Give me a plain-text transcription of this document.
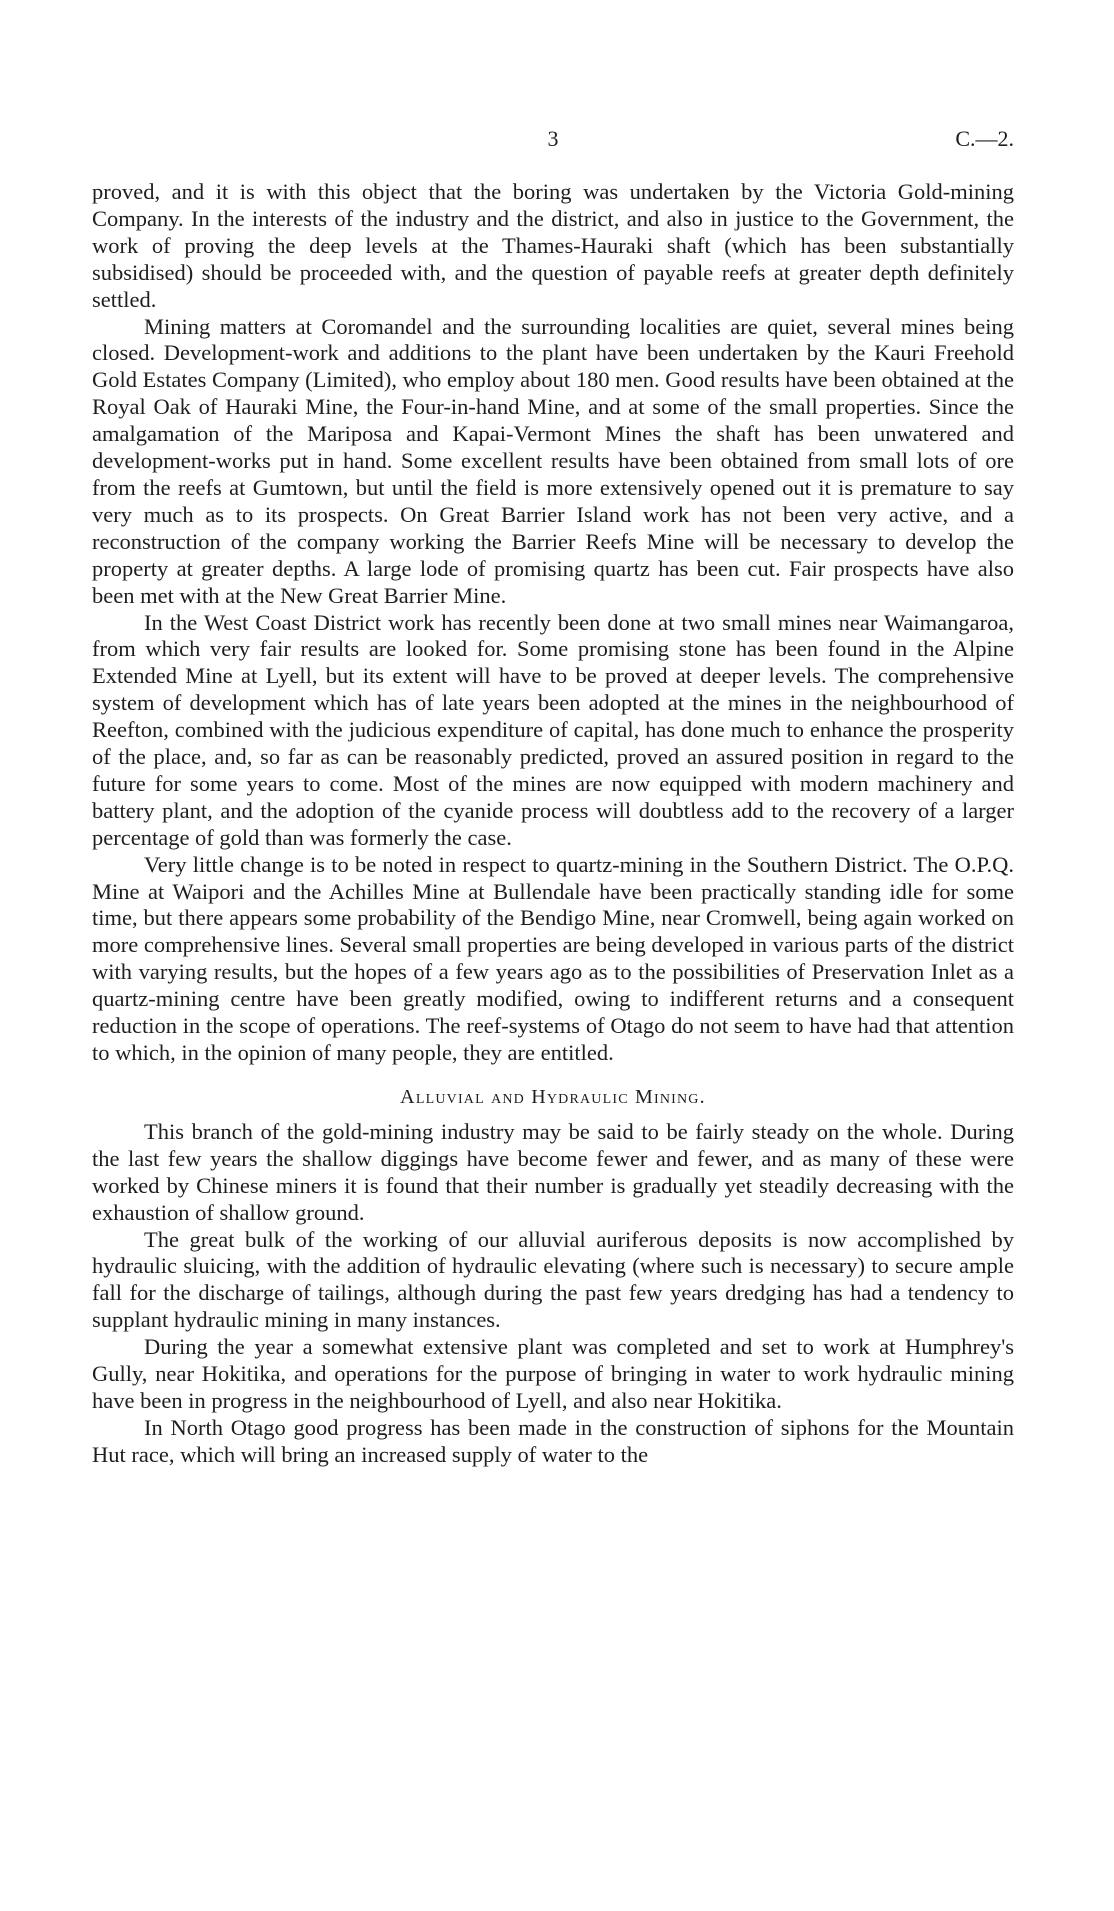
3	C.—2.

proved, and it is with this object that the boring was undertaken by the Victoria Gold-mining Company. In the interests of the industry and the district, and also in justice to the Government, the work of proving the deep levels at the Thames-Hauraki shaft (which has been substantially subsidised) should be proceeded with, and the question of payable reefs at greater depth definitely settled.

Mining matters at Coromandel and the surrounding localities are quiet, several mines being closed. Development-work and additions to the plant have been undertaken by the Kauri Freehold Gold Estates Company (Limited), who employ about 180 men. Good results have been obtained at the Royal Oak of Hauraki Mine, the Four-in-hand Mine, and at some of the small properties. Since the amalgamation of the Mariposa and Kapai-Vermont Mines the shaft has been unwatered and development-works put in hand. Some excellent results have been obtained from small lots of ore from the reefs at Gumtown, but until the field is more extensively opened out it is premature to say very much as to its prospects. On Great Barrier Island work has not been very active, and a reconstruction of the company working the Barrier Reefs Mine will be necessary to develop the property at greater depths. A large lode of promising quartz has been cut. Fair prospects have also been met with at the New Great Barrier Mine.

In the West Coast District work has recently been done at two small mines near Waimangaroa, from which very fair results are looked for. Some promising stone has been found in the Alpine Extended Mine at Lyell, but its extent will have to be proved at deeper levels. The comprehensive system of development which has of late years been adopted at the mines in the neighbourhood of Reefton, combined with the judicious expenditure of capital, has done much to enhance the prosperity of the place, and, so far as can be reasonably predicted, proved an assured position in regard to the future for some years to come. Most of the mines are now equipped with modern machinery and battery plant, and the adoption of the cyanide process will doubtless add to the recovery of a larger percentage of gold than was formerly the case.

Very little change is to be noted in respect to quartz-mining in the Southern District. The O.P.Q. Mine at Waipori and the Achilles Mine at Bullendale have been practically standing idle for some time, but there appears some probability of the Bendigo Mine, near Cromwell, being again worked on more comprehensive lines. Several small properties are being developed in various parts of the district with varying results, but the hopes of a few years ago as to the possibilities of Preservation Inlet as a quartz-mining centre have been greatly modified, owing to indifferent returns and a consequent reduction in the scope of operations. The reef-systems of Otago do not seem to have had that attention to which, in the opinion of many people, they are entitled.

Alluvial and Hydraulic Mining.

This branch of the gold-mining industry may be said to be fairly steady on the whole. During the last few years the shallow diggings have become fewer and fewer, and as many of these were worked by Chinese miners it is found that their number is gradually yet steadily decreasing with the exhaustion of shallow ground.

The great bulk of the working of our alluvial auriferous deposits is now accomplished by hydraulic sluicing, with the addition of hydraulic elevating (where such is necessary) to secure ample fall for the discharge of tailings, although during the past few years dredging has had a tendency to supplant hydraulic mining in many instances.

During the year a somewhat extensive plant was completed and set to work at Humphrey's Gully, near Hokitika, and operations for the purpose of bringing in water to work hydraulic mining have been in progress in the neighbourhood of Lyell, and also near Hokitika.

In North Otago good progress has been made in the construction of siphons for the Mountain Hut race, which will bring an increased supply of water to the
